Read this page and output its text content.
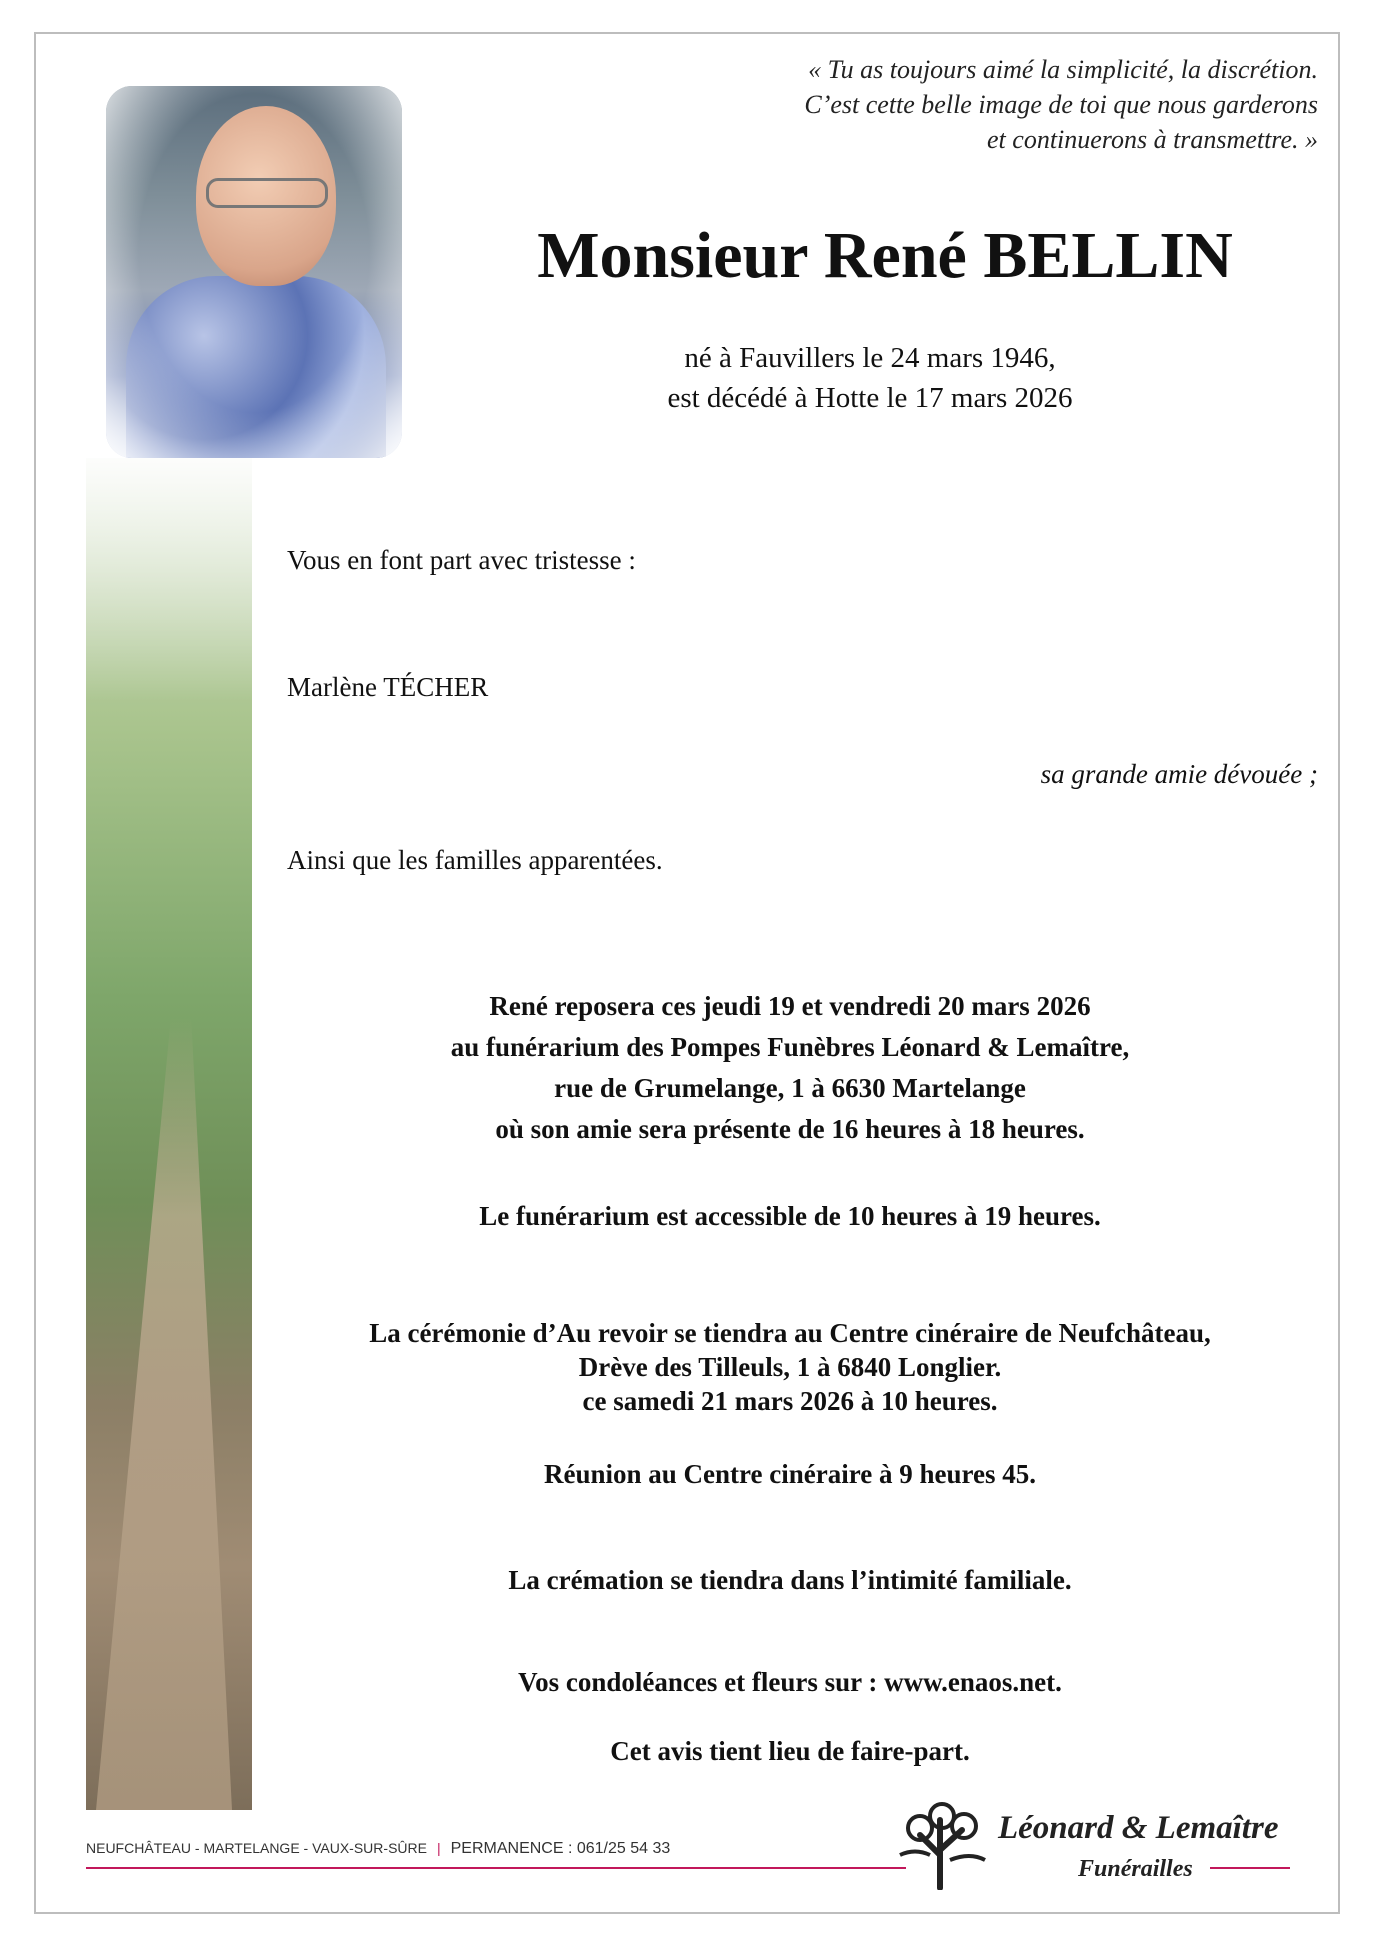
« Tu as toujours aimé la simplicité, la discrétion.
C’est cette belle image de toi que nous garderons
et continuerons à transmettre. »
Monsieur René BELLIN
né à Fauvillers le 24 mars 1946,
est décédé à Hotte le 17 mars 2026
Vous en font part avec tristesse :
Marlène TÉCHER
sa grande amie dévouée ;
Ainsi que les familles apparentées.
René reposera ces jeudi 19 et vendredi 20 mars 2026
au funérarium des Pompes Funèbres Léonard & Lemaître,
rue de Grumelange, 1 à 6630 Martelange
où son amie sera présente de 16 heures à 18 heures.
Le funérarium est accessible de 10 heures à 19 heures.
La cérémonie d’Au revoir se tiendra au Centre cinéraire de Neufchâteau,
Drève des Tilleuls, 1 à 6840 Longlier.
ce samedi 21 mars 2026 à 10 heures.
Réunion au Centre cinéraire à 9 heures 45.
La crémation se tiendra dans l’intimité familiale.
Vos condoléances et fleurs sur : www.enaos.net.
Cet avis tient lieu de faire-part.
NEUFCHÂTEAU - MARTELANGE - VAUX-SUR-SÛRE | PERMANENCE : 061/25 54 33
Léonard & Lemaître
Funérailles
